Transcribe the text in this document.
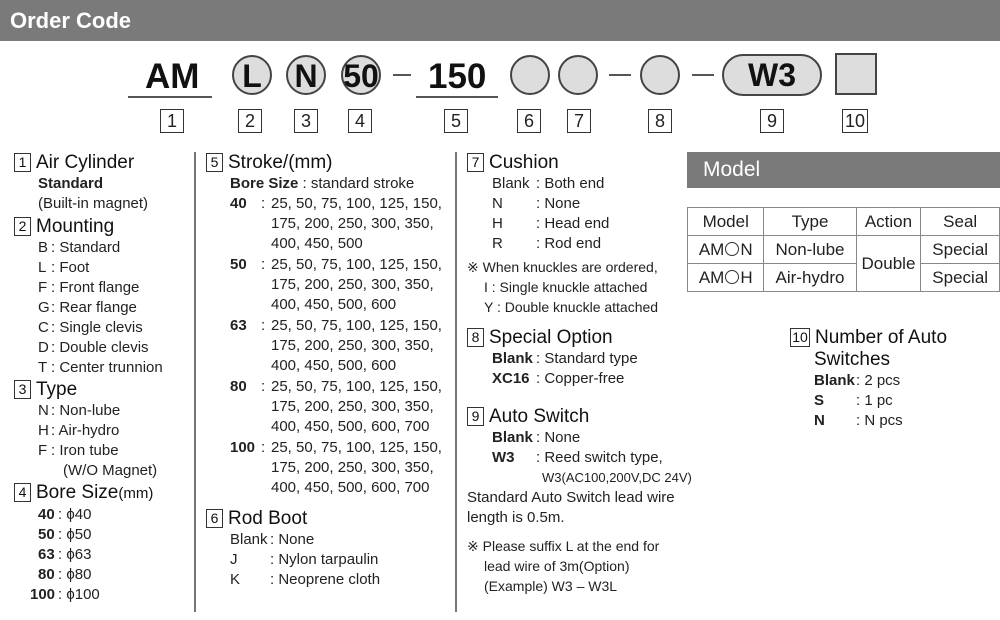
Order Code
AM	L	N 50 150	W3
1	2	3	4	5	6	7	8	9	10
1 Air Cylinder
Standard
(Built-in magnet)
2 Mounting
B : Standard
L : Foot
F : Front flange
G : Rear flange
C : Single clevis
D : Double clevis
T : Center trunnion
3 Type
N : Non-lube
H : Air-hydro
F : Iron tube
(W/O Magnet)
4 Bore Size(mm)
40 : ϕ40
50 : ϕ50
63 : ϕ63
80 : ϕ80
100 : ϕ100
5 Stroke/(mm)
Bore Size : standard stroke
40 : 25, 50, 75, 100, 125, 150,
175, 200, 250, 300, 350,
400, 450, 500
50 : 25, 50, 75, 100, 125, 150,
175, 200, 250, 300, 350,
400, 450, 500, 600
63 : 25, 50, 75, 100, 125, 150,
175, 200, 250, 300, 350,
400, 450, 500, 600
80 : 25, 50, 75, 100, 125, 150,
175, 200, 250, 300, 350,
400, 450, 500, 600, 700
100 : 25, 50, 75, 100, 125, 150,
175, 200, 250, 300, 350,
400, 450, 500, 600, 700
6 Rod Boot
Blank : None
J : Nylon tarpaulin
K : Neoprene cloth
7 Cushion
Blank : Both end
N : None
H : Head end
R : Rod end
※ When knuckles are ordered,
I : Single knuckle attached
Y : Double knuckle attached
8 Special Option
Blank : Standard type
XC16 : Copper-free
9 Auto Switch
Blank : None
W3 : Reed switch type,
W3(AC100,200V,DC 24V)
Standard Auto Switch lead wire
length is 0.5m.
※ Please suffix L at the end for
lead wire of 3m(Option)
(Example) W3 – W3L
Model
Model	Type	Action	Seal
AM N	Non-lube	Double	Special
AM H	Air-hydro		Special
10 Number of Auto
Switches
Blank : 2 pcs
S : 1 pc
N : N pcs
